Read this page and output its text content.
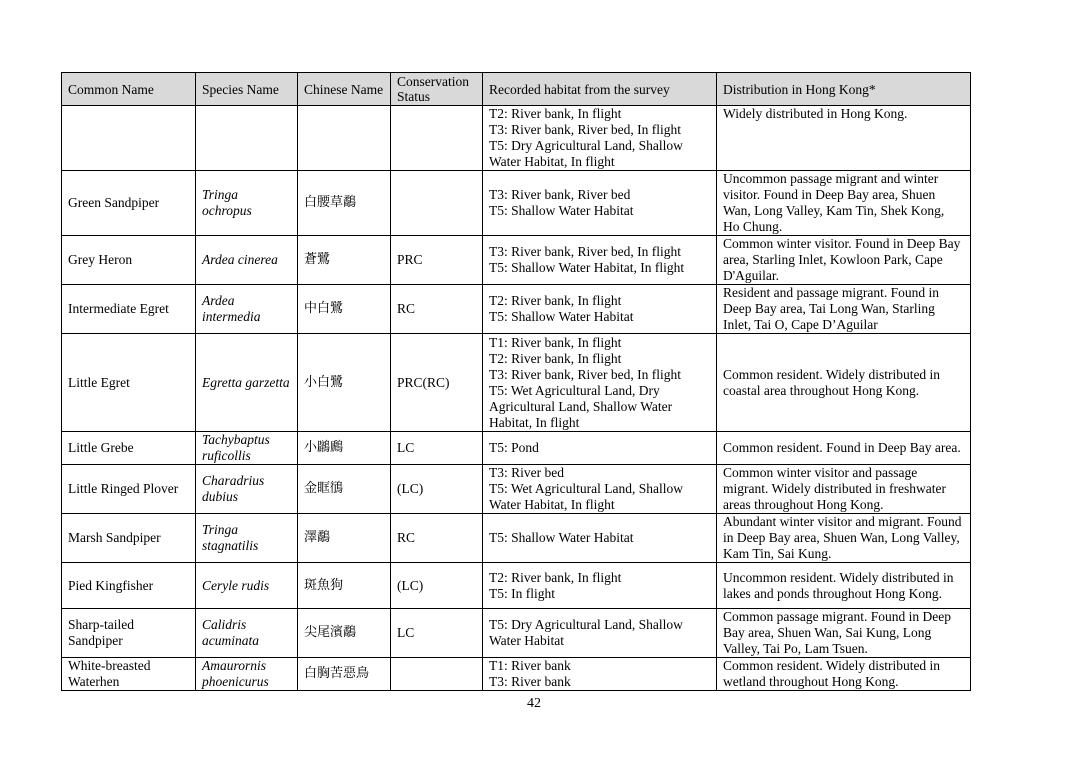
Common Name	Species Name	Chinese Name	Conservation Status	Recorded habitat from the survey	Distribution in Hong Kong*
				T2: River bank, In flight
T3: River bank, River bed, In flight
T5: Dry Agricultural Land, Shallow Water Habitat, In flight	Widely distributed in Hong Kong.
Green Sandpiper	Tringa ochropus	白腰草鷸		T3: River bank, River bed
T5: Shallow Water Habitat	Uncommon passage migrant and winter visitor. Found in Deep Bay area, Shuen Wan, Long Valley, Kam Tin, Shek Kong, Ho Chung.
Grey Heron	Ardea cinerea	蒼鷺	PRC	T3: River bank, River bed, In flight
T5: Shallow Water Habitat, In flight	Common winter visitor. Found in Deep Bay area, Starling Inlet, Kowloon Park, Cape D'Aguilar.
Intermediate Egret	Ardea intermedia	中白鷺	RC	T2: River bank, In flight
T5: Shallow Water Habitat	Resident and passage migrant. Found in Deep Bay area, Tai Long Wan, Starling Inlet, Tai O, Cape D’Aguilar
Little Egret	Egretta garzetta	小白鷺	PRC(RC)	T1: River bank, In flight
T2: River bank, In flight
T3: River bank, River bed, In flight
T5: Wet Agricultural Land, Dry Agricultural Land, Shallow Water Habitat, In flight	Common resident. Widely distributed in coastal area throughout Hong Kong.
Little Grebe	Tachybaptus ruficollis	小鸊鷉	LC	T5: Pond	Common resident. Found in Deep Bay area.
Little Ringed Plover	Charadrius dubius	金眶鴴	(LC)	T3: River bed
T5: Wet Agricultural Land, Shallow Water Habitat, In flight	Common winter visitor and passage migrant. Widely distributed in freshwater areas throughout Hong Kong.
Marsh Sandpiper	Tringa stagnatilis	澤鷸	RC	T5: Shallow Water Habitat	Abundant winter visitor and migrant. Found in Deep Bay area, Shuen Wan, Long Valley, Kam Tin, Sai Kung.
Pied Kingfisher	Ceryle rudis	斑魚狗	(LC)	T2: River bank, In flight
T5: In flight	Uncommon resident. Widely distributed in lakes and ponds throughout Hong Kong.
Sharp-tailed Sandpiper	Calidris acuminata	尖尾濱鷸	LC	T5: Dry Agricultural Land, Shallow Water Habitat	Common passage migrant. Found in Deep Bay area, Shuen Wan, Sai Kung, Long Valley, Tai Po, Lam Tsuen.
White-breasted Waterhen	Amaurornis phoenicurus	白胸苦惡鳥		T1: River bank
T3: River bank	Common resident. Widely distributed in wetland throughout Hong Kong.
42
